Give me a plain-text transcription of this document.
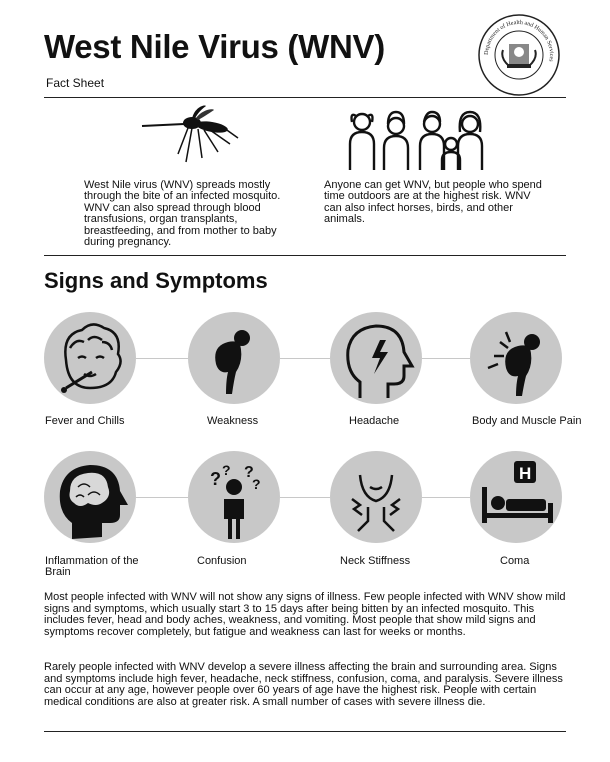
West Nile Virus (WNV)
Fact Sheet
Department of Health and Human Services
West Nile virus (WNV) spreads mostly through the bite of an infected mosquito. WNV can also spread through blood transfusions, organ transplants, breastfeeding, and from mother to baby during pregnancy.
Anyone can get WNV, but people who spend time outdoors are at the highest risk. WNV can also infect horses, birds, and other animals.
Signs and Symptoms
Fever and Chills	Weakness	Headache	Body and Muscle Pain
? ? ?
?
H
Inflammation of the Brain
Confusion	Neck Stiffness	Coma
Most people infected with WNV will not show any signs of illness. Few people infected with WNV show mild signs and symptoms, which usually start 3 to 15 days after being bitten by an infected mosquito. This includes fever, head and body aches, weakness, and vomiting. Most people that show mild signs and symptoms recover completely, but fatigue and weakness can last for weeks or months.
Rarely people infected with WNV develop a severe illness affecting the brain and surrounding area. Signs and symptoms include high fever, headache, neck stiffness, confusion, coma, and paralysis. Severe illness can occur at any age, however people over 60 years of age have the highest risk. People with certain medical conditions are also at greater risk. A small number of cases with severe illness die.
